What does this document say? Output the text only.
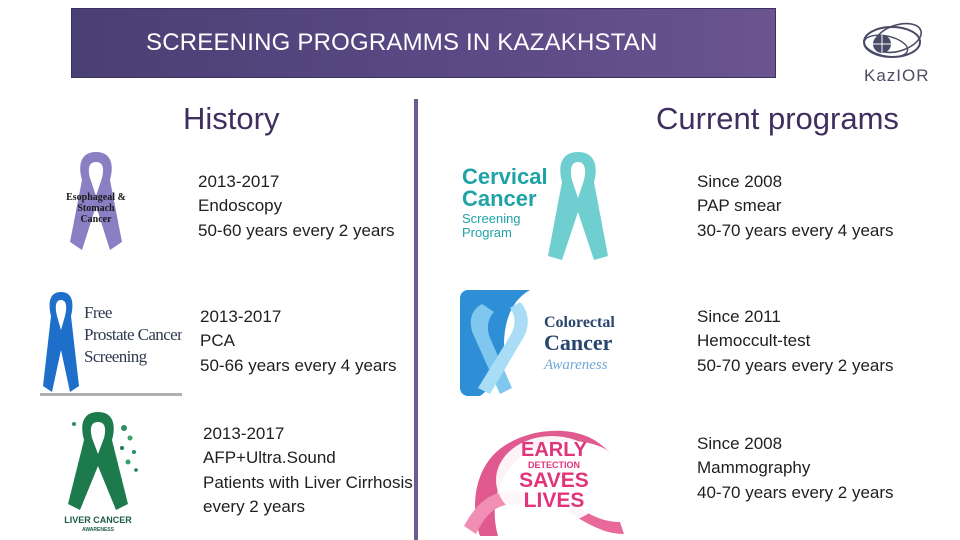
SCREENING PROGRAMMS IN KAZAKHSTAN
KazIOR
History	Current programs
Esophageal &
Stomach
Cancer
2013-2017
Endoscopy
50-60 years every 2 years
Free
Prostate Cancer
Screening
2013-2017
PCA
50-66 years every 4 years
LIVER CANCER
AWARENESS
2013-2017
AFP+Ultra.Sound
Patients with Liver Cirrhosis
every 2 years
Cervical
Cancer
Screening
Program
Since 2008
PAP smear
30-70 years every 4 years
Colorectal
Cancer
Awareness
Since 2011
Hemoccult-test
50-70 years every 2 years
EARLY
DETECTION
SAVES
LIVES
Since 2008
Mammography
40-70 years every 2 years
